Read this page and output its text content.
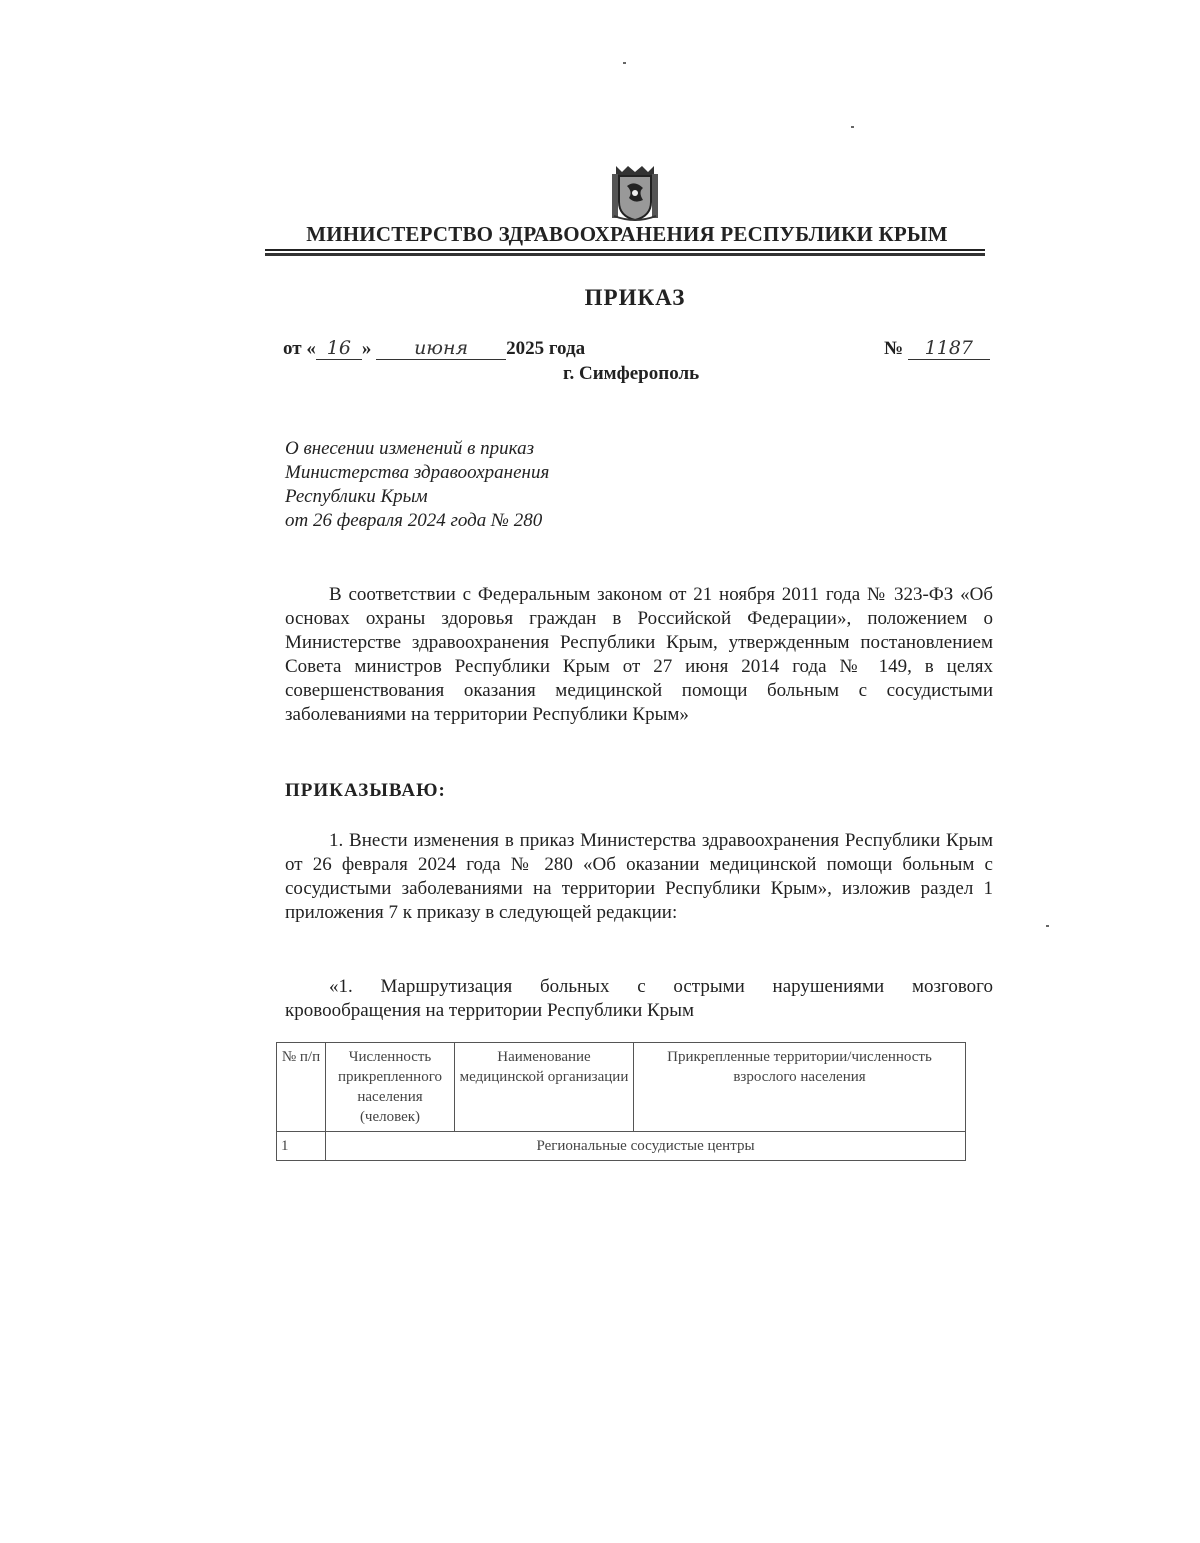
МИНИСТЕРСТВО ЗДРАВООХРАНЕНИЯ РЕСПУБЛИКИ КРЫМ
ПРИКАЗ
от « 16 » июня 2025 года	№ 1187
г. Симферополь
О внесении изменений в приказ
Министерства здравоохранения
Республики Крым
от 26 февраля 2024 года № 280
В соответствии с Федеральным законом от 21 ноября 2011 года № 323-ФЗ «Об основах охраны здоровья граждан в Российской Федерации», положением о Министерстве здравоохранения Республики Крым, утвержденным постановлением Совета министров Республики Крым от 27 июня 2014 года № 149, в целях совершенствования оказания медицинской помощи больным с сосудистыми заболеваниями на территории Республики Крым»
ПРИКАЗЫВАЮ:
1. Внести изменения в приказ Министерства здравоохранения Республики Крым от 26 февраля 2024 года № 280 «Об оказании медицинской помощи больным с сосудистыми заболеваниями на территории Республики Крым», изложив раздел 1 приложения 7 к приказу в следующей редакции:
«1. Маршрутизация больных с острыми нарушениями мозгового кровообращения на территории Республики Крым
№ п/п	Численность прикрепленного населения (человек)	Наименование медицинской организации	Прикрепленные территории/численность взрослого населения
1	Региональные сосудистые центры		
